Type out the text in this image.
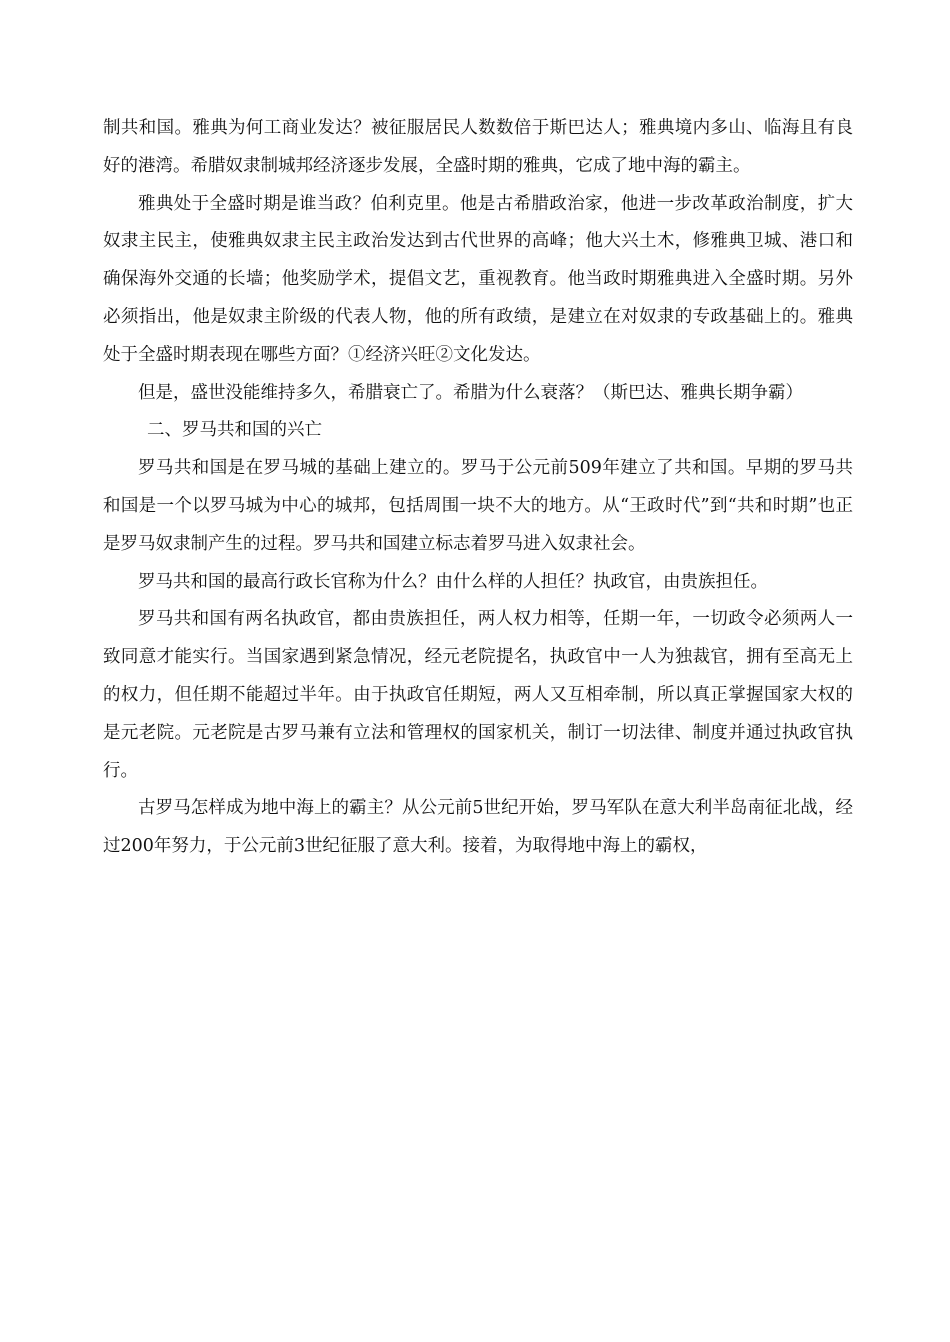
制共和国。雅典为何工商业发达？被征服居民人数数倍于斯巴达人；雅典境内多山、临海且有良好的港湾。希腊奴隶制城邦经济逐步发展，全盛时期的雅典，它成了地中海的霸主。

雅典处于全盛时期是谁当政？伯利克里。他是古希腊政治家，他进一步改革政治制度，扩大奴隶主民主，使雅典奴隶主民主政治发达到古代世界的高峰；他大兴土木，修雅典卫城、港口和确保海外交通的长墙；他奖励学术，提倡文艺，重视教育。他当政时期雅典进入全盛时期。另外必须指出，他是奴隶主阶级的代表人物，他的所有政绩，是建立在对奴隶的专政基础上的。雅典处于全盛时期表现在哪些方面？①经济兴旺②文化发达。

但是，盛世没能维持多久，希腊衰亡了。希腊为什么衰落？（斯巴达、雅典长期争霸）

二、罗马共和国的兴亡

罗马共和国是在罗马城的基础上建立的。罗马于公元前509年建立了共和国。早期的罗马共和国是一个以罗马城为中心的城邦，包括周围一块不大的地方。从“王政时代”到“共和时期”也正是罗马奴隶制产生的过程。罗马共和国建立标志着罗马进入奴隶社会。

罗马共和国的最高行政长官称为什么？由什么样的人担任？执政官，由贵族担任。

罗马共和国有两名执政官，都由贵族担任，两人权力相等，任期一年，一切政令必须两人一致同意才能实行。当国家遇到紧急情况，经元老院提名，执政官中一人为独裁官，拥有至高无上的权力，但任期不能超过半年。由于执政官任期短，两人又互相牵制，所以真正掌握国家大权的是元老院。元老院是古罗马兼有立法和管理权的国家机关，制订一切法律、制度并通过执政官执行。

古罗马怎样成为地中海上的霸主？从公元前5世纪开始，罗马军队在意大利半岛南征北战，经过200年努力，于公元前3世纪征服了意大利。接着，为取得地中海上的霸权，
